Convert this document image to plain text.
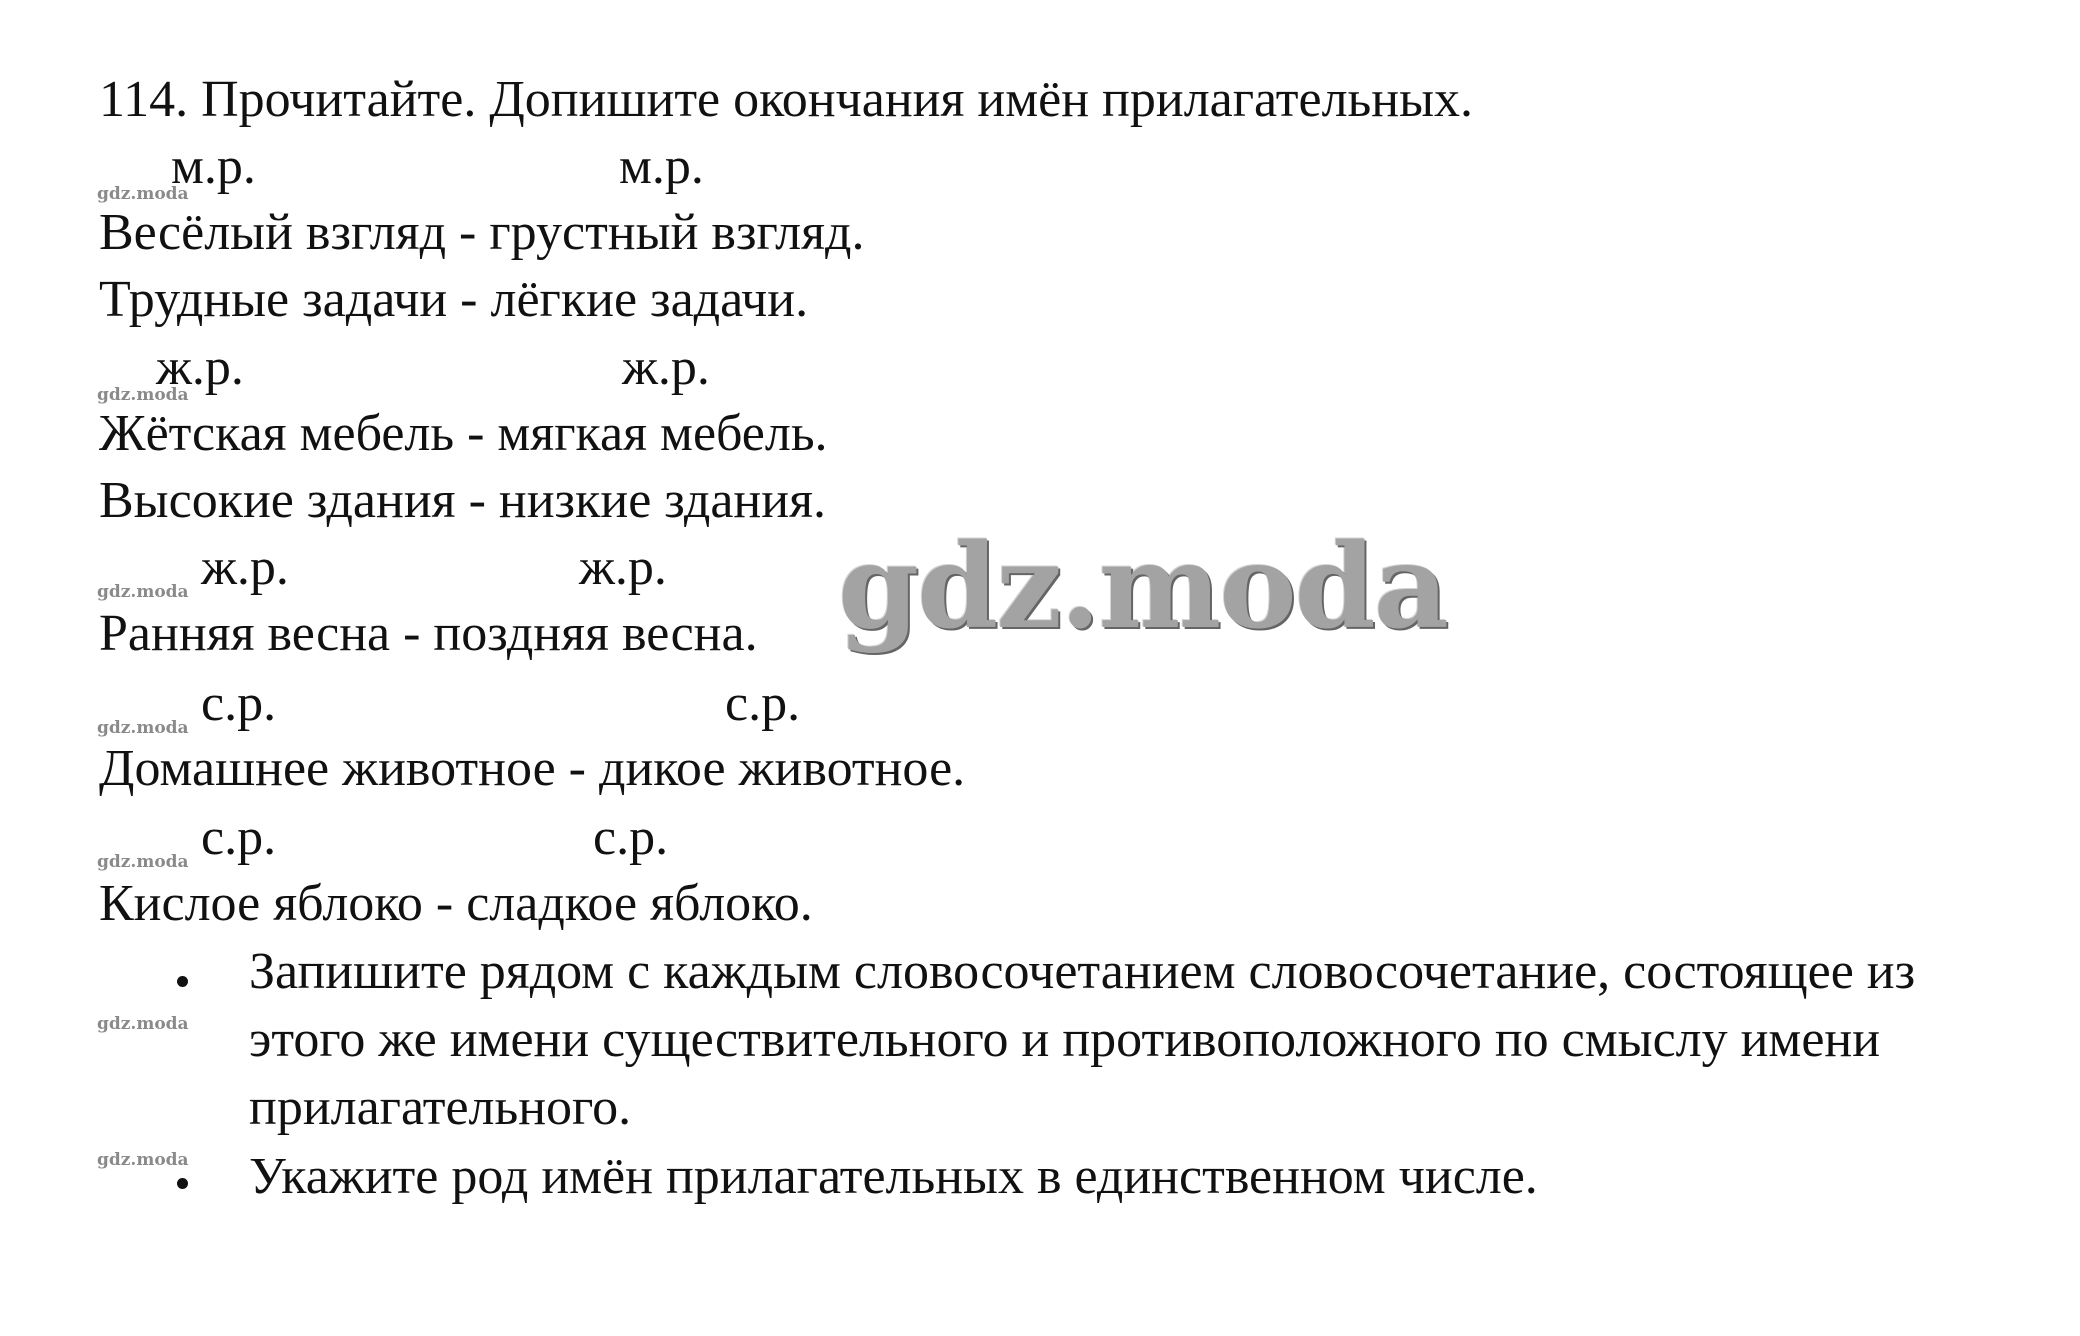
114. Прочитайте. Допишите окончания имён прилагательных.
м.р.	м.р.
gdz.moda
Весёлый взгляд - грустный взгляд.
Трудные задачи - лёгкие задачи.
ж.р.	ж.р.
gdz.moda
Жётская мебель - мягкая мебель.
Высокие здания - низкие здания.
ж.р.	ж.р.
gdz.moda
Ранняя весна - поздняя весна.
с.р.	с.р.
gdz.moda
Домашнее животное - дикое животное.
с.р.	с.р.
gdz.moda
Кислое яблоко - сладкое яблоко.
Запишите рядом с каждым словосочетанием словосочетание, состоящее из этого же имени существительного и противоположного по смыслу имени прилагательного.
gdz.moda
gdz.moda Укажите род имён прилагательных в единственном числе.
gdz.moda
